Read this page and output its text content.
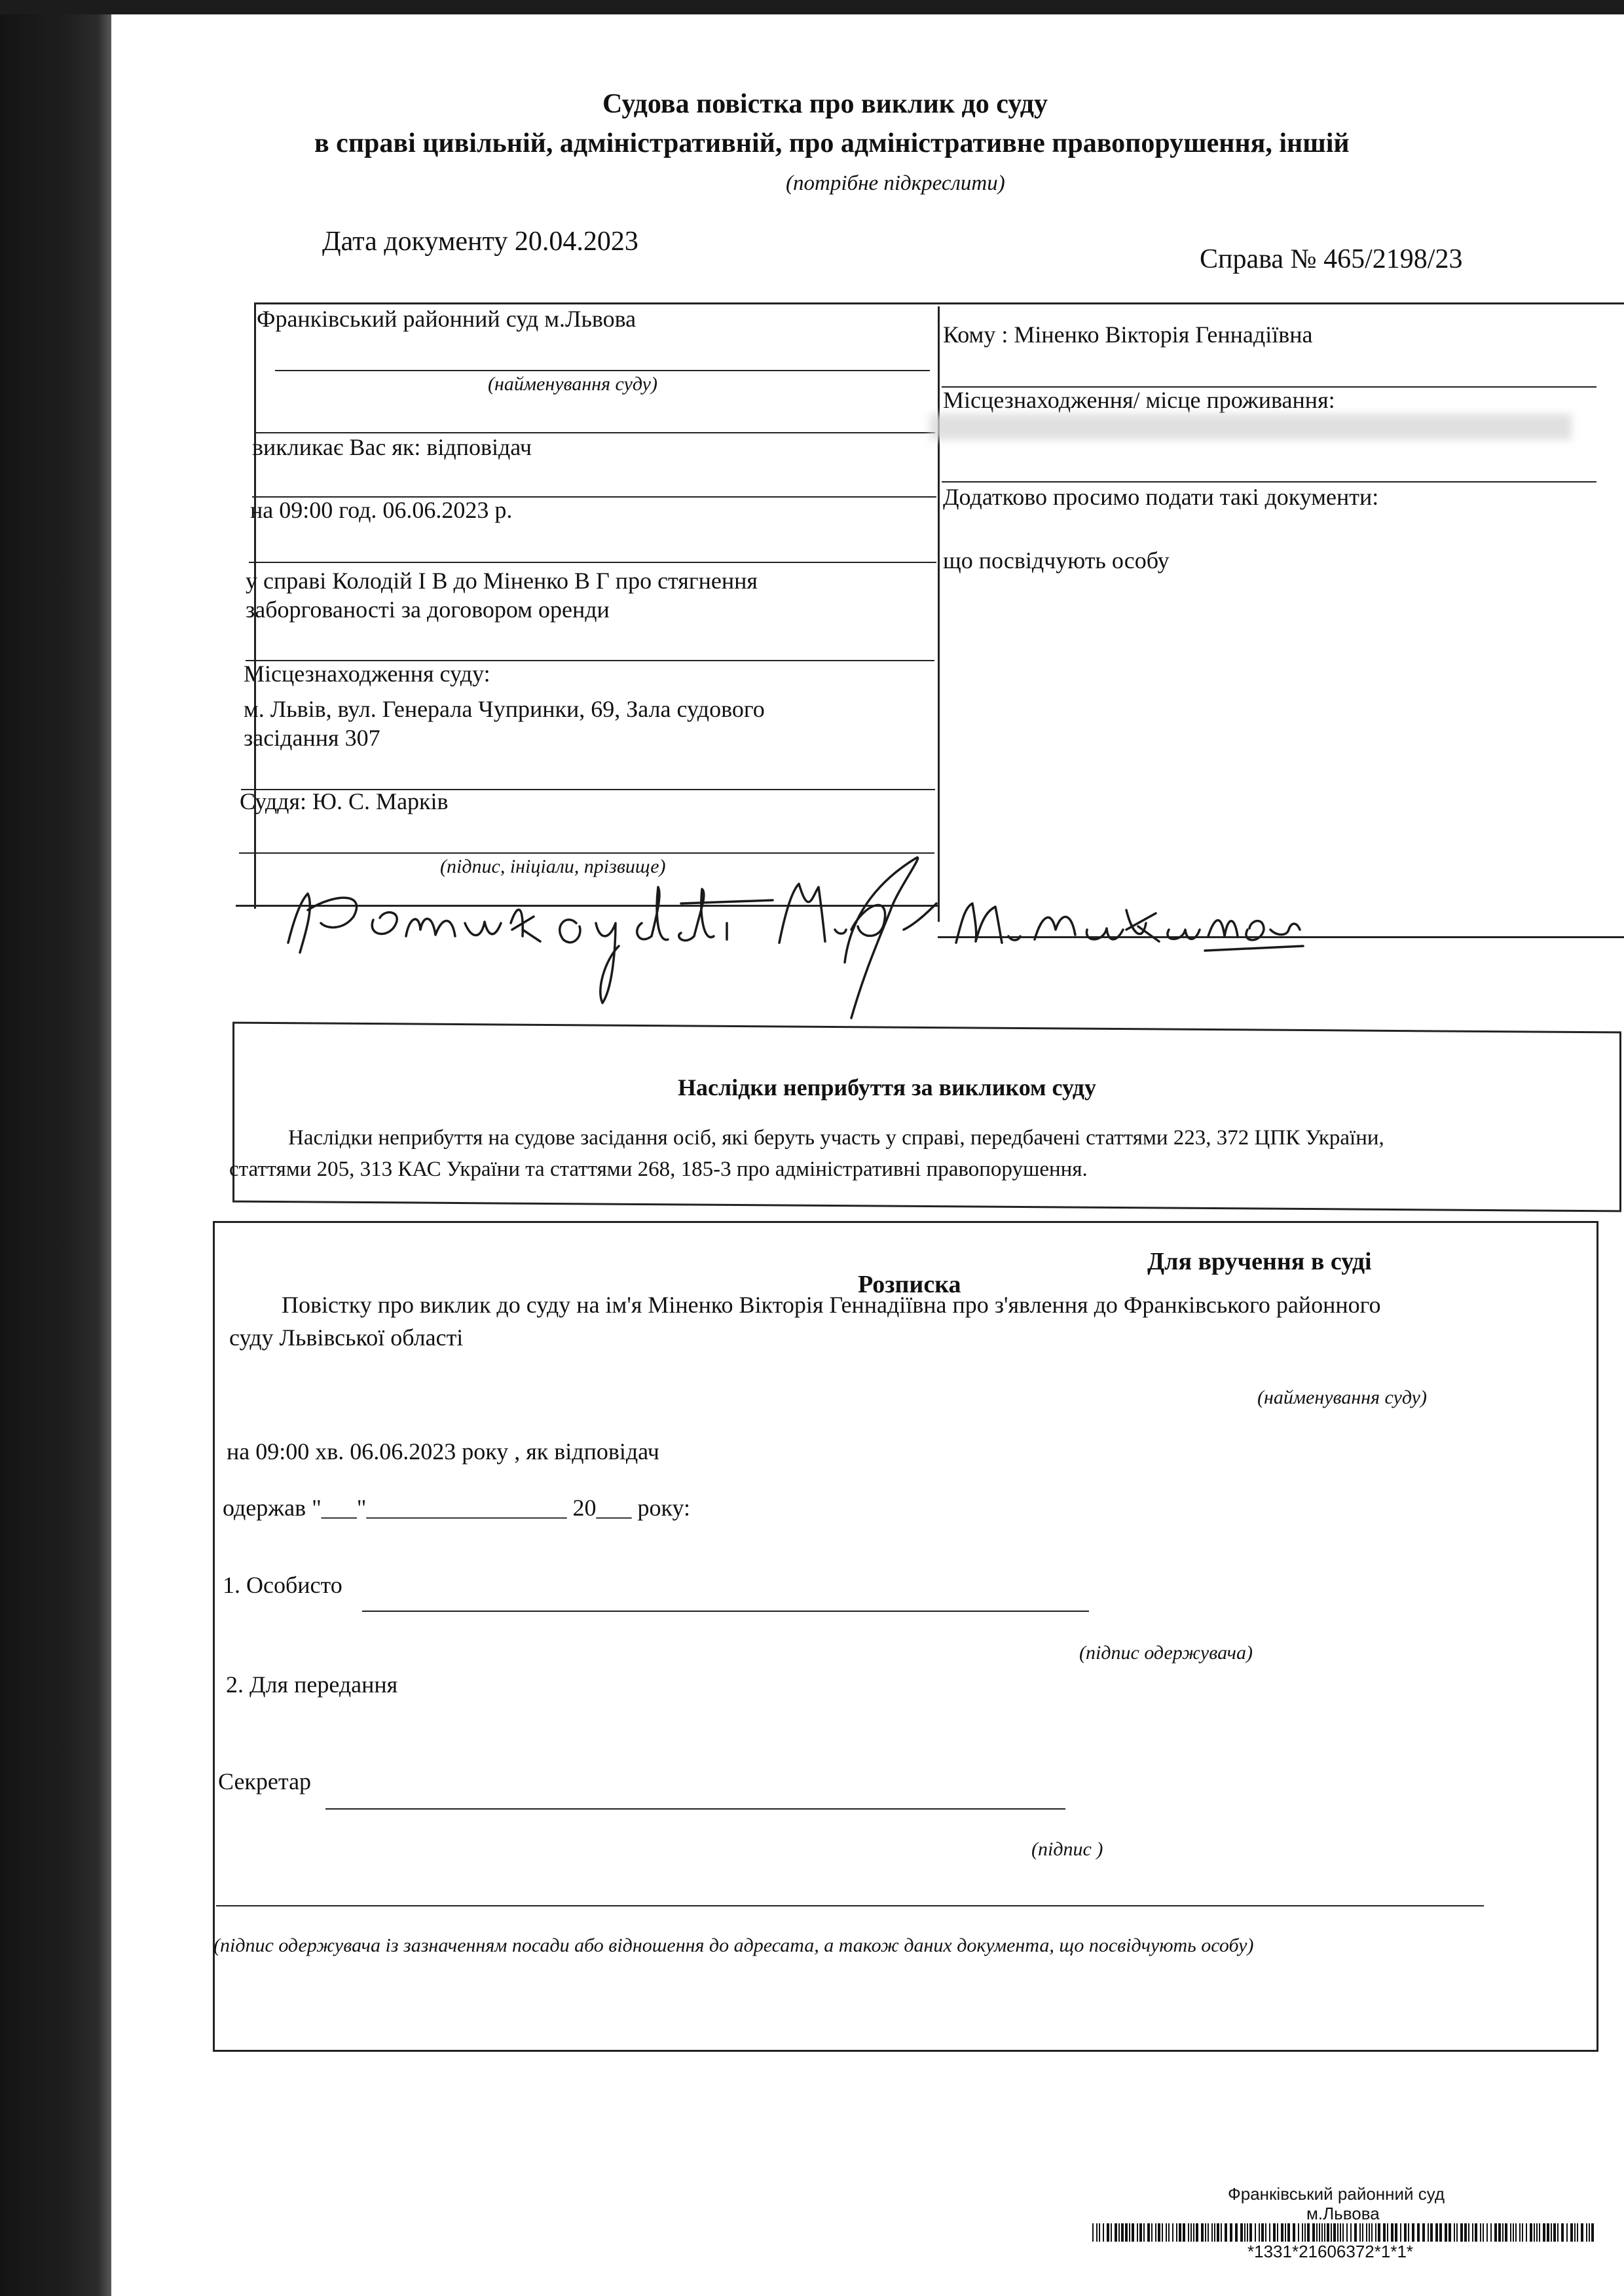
Судова повістка про виклик до суду
в справі цивільній, адміністративній, про адміністративне правопорушення, іншій
(потрібне підкреслити)
Дата документу 20.04.2023
Справа № 465/2198/23
Франківський районний суд м.Львова
(найменування суду)
викликає Вас як: відповідач
на 09:00 год. 06.06.2023 р.
у справі Колодій І В до Міненко В Г про стягнення
заборгованості за договором оренди
Місцезнаходження суду:
м. Львів, вул. Генерала Чупринки, 69, Зала судового
засідання 307
Суддя: Ю. С. Марків
(підпис, ініціали, прізвище)
Кому : Міненко Вікторія Геннадіївна
Місцезнаходження/ місце проживання:
Додатково просимо подати такі документи:
що посвідчують особу
Наслідки неприбуття за викликом суду
Наслідки неприбуття на судове засідання осіб, які беруть участь у справі, передбачені статтями 223, 372 ЦПК України,
статтями 205, 313 КАС України та статтями 268, 185-3 про адміністративні правопорушення.
Для вручення в суді
Розписка
Повістку про виклик до суду на ім'я Міненко Вікторія Геннадіївна про з'явлення до Франківського районного
суду Львівської області
(найменування суду)
на 09:00 хв. 06.06.2023 року , як відповідач
одержав "___"_________________ 20___ року:
1. Особисто
(підпис одержувача)
2. Для передання
Секретар
(підпис )
(підпис одержувача із зазначенням посади або відношення до адресата, а також даних документа, що посвідчують особу)
Франківський районний суд
м.Львова
*1331*21606372*1*1*
